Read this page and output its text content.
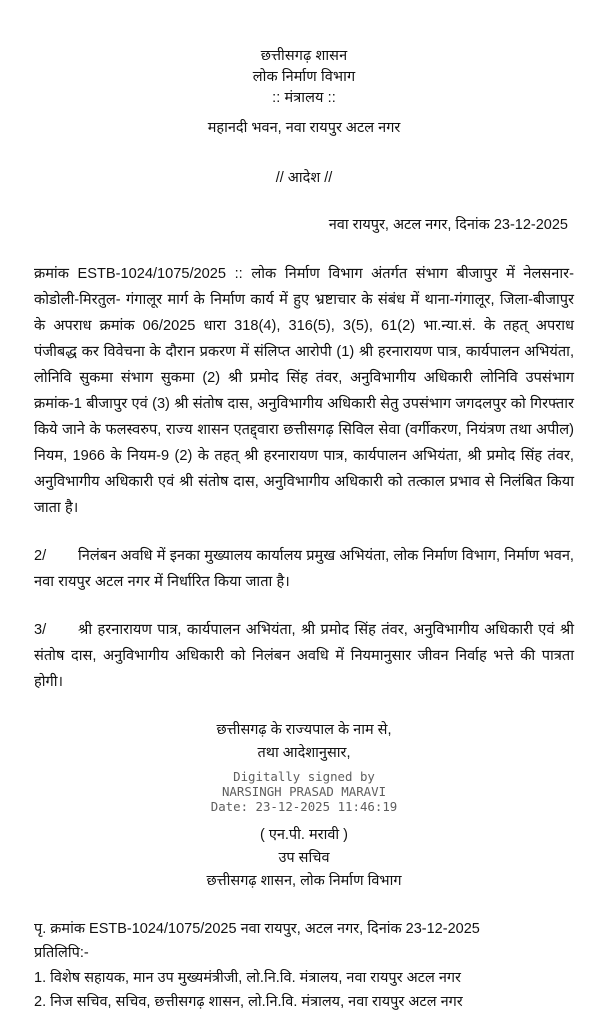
छत्तीसगढ़ शासन
लोक निर्माण विभाग
:: मंत्रालय ::
महानदी भवन, नवा रायपुर अटल नगर
// आदेश //
नवा रायपुर, अटल नगर, दिनांक 23-12-2025
क्रमांक ESTB-1024/1075/2025 :: लोक निर्माण विभाग अंतर्गत संभाग बीजापुर में नेलसनार-कोडोली-मिरतुल- गंगालूर मार्ग के निर्माण कार्य में हुए भ्रष्टाचार के संबंध में थाना-गंगालूर, जिला-बीजापुर के अपराध क्रमांक 06/2025 धारा 318(4), 316(5), 3(5), 61(2) भा.न्या.सं. के तहत् अपराध पंजीबद्ध कर विवेचना के दौरान प्रकरण में संलिप्त आरोपी (1) श्री हरनारायण पात्र, कार्यपालन अभियंता, लोनिवि सुकमा संभाग सुकमा (2) श्री प्रमोद सिंह तंवर, अनुविभागीय अधिकारी लोनिवि उपसंभाग क्रमांक-1 बीजापुर एवं (3) श्री संतोष दास, अनुविभागीय अधिकारी सेतु उपसंभाग जगदलपुर को गिरफ्तार किये जाने के फलस्वरुप, राज्य शासन एतद्द्वारा छत्तीसगढ़ सिविल सेवा (वर्गीकरण, नियंत्रण तथा अपील) नियम, 1966 के नियम-9 (2) के तहत् श्री हरनारायण पात्र, कार्यपालन अभियंता, श्री प्रमोद सिंह तंवर, अनुविभागीय अधिकारी एवं श्री संतोष दास, अनुविभागीय अधिकारी को तत्काल प्रभाव से निलंबित किया जाता है।
2/ निलंबन अवधि में इनका मुख्यालय कार्यालय प्रमुख अभियंता, लोक निर्माण विभाग, निर्माण भवन, नवा रायपुर अटल नगर में निर्धारित किया जाता है।
3/ श्री हरनारायण पात्र, कार्यपालन अभियंता, श्री प्रमोद सिंह तंवर, अनुविभागीय अधिकारी एवं श्री संतोष दास, अनुविभागीय अधिकारी को निलंबन अवधि में नियमानुसार जीवन निर्वाह भत्ते की पात्रता होगी।
छत्तीसगढ़ के राज्यपाल के नाम से,
तथा आदेशानुसार,
Digitally signed by
NARSINGH PRASAD MARAVI
Date: 23-12-2025 11:46:19
( एन.पी. मरावी )
उप सचिव
छत्तीसगढ़ शासन, लोक निर्माण विभाग
पृ. क्रमांक ESTB-1024/1075/2025 नवा रायपुर, अटल नगर, दिनांक 23-12-2025
प्रतिलिपि:-
1. विशेष सहायक, मान उप मुख्यमंत्रीजी, लो.नि.वि. मंत्रालय, नवा रायपुर अटल नगर
2. निज सचिव, सचिव, छत्तीसगढ़ शासन, लो.नि.वि. मंत्रालय, नवा रायपुर अटल नगर
